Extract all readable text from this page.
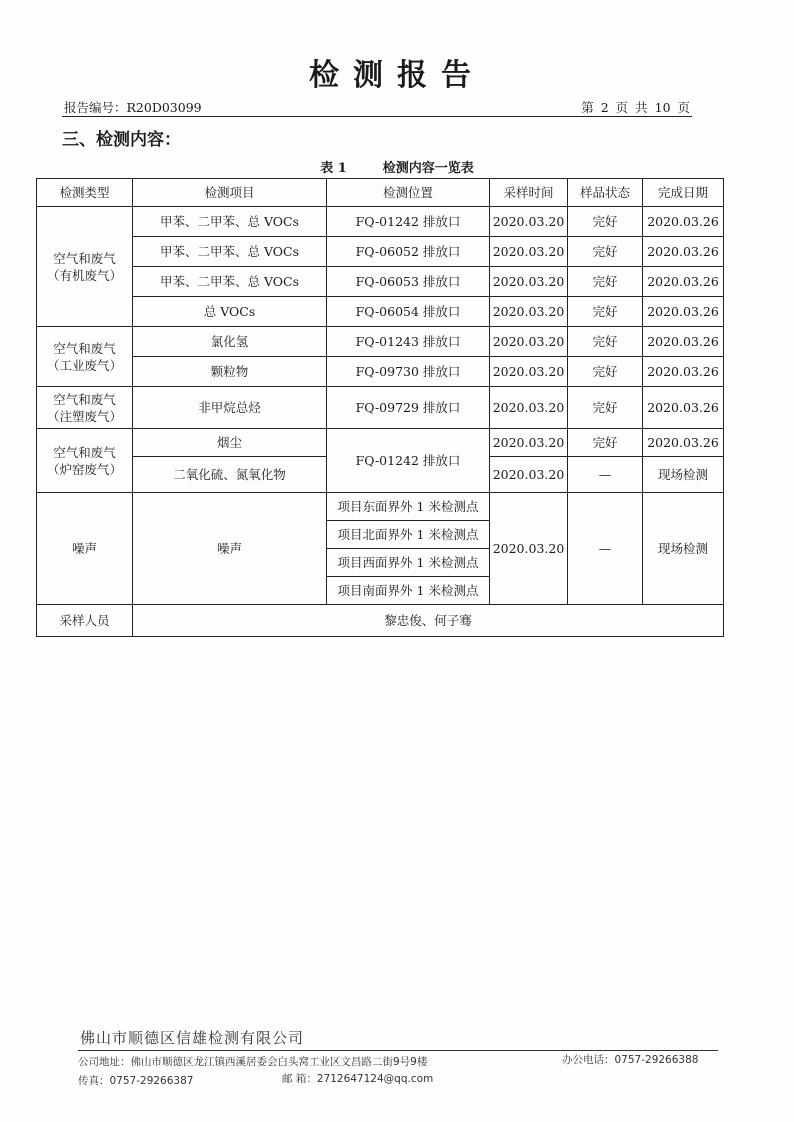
检测报告
报告编号：R20D03099	第 2 页 共 10 页
三、检测内容：
表 1	检测内容一览表
检测类型	检测项目	检测位置	采样时间	样品状态	完成日期

空气和废气
（有机废气）	甲苯、二甲苯、总 VOCs	FQ-01242 排放口	2020.03.20	完好	2020.03.26
	甲苯、二甲苯、总 VOCs	FQ-06052 排放口	2020.03.20	完好	2020.03.26
	甲苯、二甲苯、总 VOCs	FQ-06053 排放口	2020.03.20	完好	2020.03.26
	总 VOCs	FQ-06054 排放口	2020.03.20	完好	2020.03.26

空气和废气
（工业废气）	氯化氢	FQ-01243 排放口	2020.03.20	完好	2020.03.26
	颗粒物	FQ-09730 排放口	2020.03.20	完好	2020.03.26

空气和废气
（注塑废气）	非甲烷总烃	FQ-09729 排放口	2020.03.20	完好	2020.03.26

空气和废气
（炉窑废气）	烟尘	FQ-01242 排放口	2020.03.20	完好	2020.03.26
	二氧化硫、氮氧化物		2020.03.20	—	现场检测
噪声	噪声	项目东面界外 1 米检测点	2020.03.20	—	现场检测
		项目北面界外 1 米检测点			
		项目西面界外 1 米检测点			
		项目南面界外 1 米检测点			
采样人员	黎忠俊、何子骞				
佛山市顺德区信雄检测有限公司
公司地址：佛山市顺德区龙江镇西溪居委会白头窝工业区文昌路二街9号9楼	办公电话：0757-29266388
传真：0757-29266387	邮 箱：2712647124@qq.com
